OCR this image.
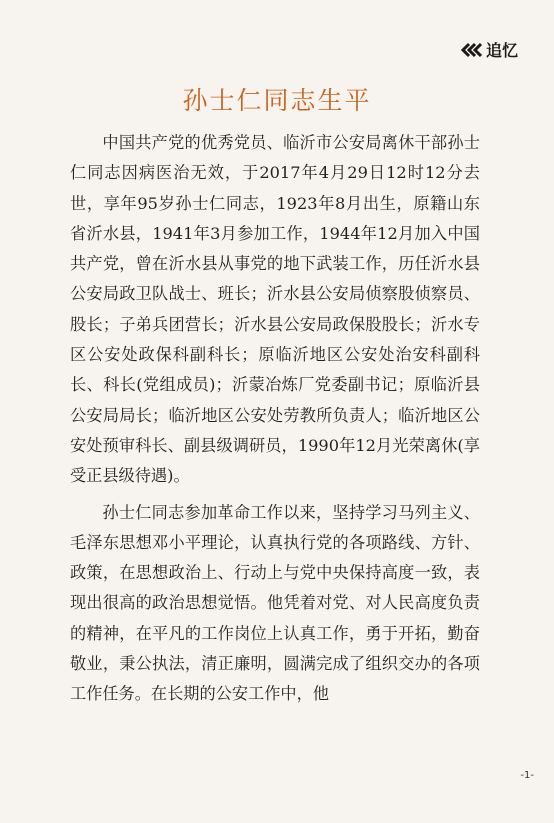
追忆
孙士仁同志生平

中国共产党的优秀党员、临沂市公安局离休干部孙士仁同志因病医治无效，于2017年4月29日12时12分去世，享年95岁孙士仁同志，1923年8月出生，原籍山东省沂水县，1941年3月参加工作，1944年12月加入中国共产党，曾在沂水县从事党的地下武装工作，历任沂水县公安局政卫队战士、班长；沂水县公安局侦察股侦察员、股长；子弟兵团营长；沂水县公安局政保股股长；沂水专区公安处政保科副科长；原临沂地区公安处治安科副科长、科长(党组成员)；沂蒙冶炼厂党委副书记；原临沂县公安局局长；临沂地区公安处劳教所负责人；临沂地区公安处预审科长、副县级调研员，1990年12月光荣离休(享受正县级待遇)。

孙士仁同志参加革命工作以来，坚持学习马列主义、毛泽东思想邓小平理论，认真执行党的各项路线、方针、政策，在思想政治上、行动上与党中央保持高度一致，表现出很高的政治思想觉悟。他凭着对党、对人民高度负责的精神，在平凡的工作岗位上认真工作，勇于开拓，勤奋敬业，秉公执法，清正廉明，圆满完成了组织交办的各项工作任务。在长期的公安工作中，他

-1-
